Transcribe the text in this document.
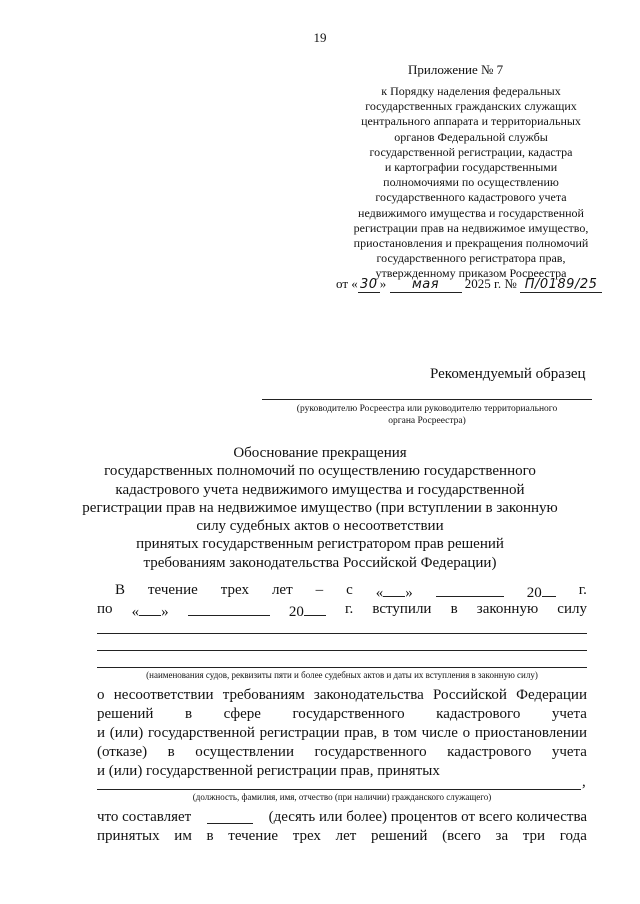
19
Приложение № 7
к Порядку наделения федеральных
государственных гражданских служащих
центрального аппарата и территориальных
органов Федеральной службы
государственной регистрации, кадастра
и картографии государственными
полномочиями по осуществлению
государственного кадастрового учета
недвижимого имущества и государственной
регистрации прав на недвижимое имущество,
приостановления и прекращения полномочий
государственного регистратора прав,
утвержденному приказом Росреестра
от « 30 » мая 2025 г. № П/0189/25
Рекомендуемый образец
(руководителю Росреестра или руководителю территориального
органа Росреестра)
Обоснование прекращения
государственных полномочий по осуществлению государственного
кадастрового учета недвижимого имущества и государственной
регистрации прав на недвижимое имущество (при вступлении в законную
силу судебных актов о несоответствии
принятых государственным регистратором прав решений
требованиям законодательства Российской Федерации)
В течение трех лет – с « »	20	г.
по « »	20	г. вступили в законную силу
(наименования судов, реквизиты пяти и более судебных актов и даты их вступления в законную силу)
о несоответствии требованиям законодательства Российской Федерации
решений в сфере государственного кадастрового учета
и (или) государственной регистрации прав, в том числе о приостановлении
(отказе) в осуществлении государственного кадастрового учета
и (или) государственной регистрации прав, принятых
,
(должность, фамилия, имя, отчество (при наличии) гражданского служащего)
что составляет	(десять или более) процентов от всего количества
принятых им в течение трех лет решений (всего за три года
